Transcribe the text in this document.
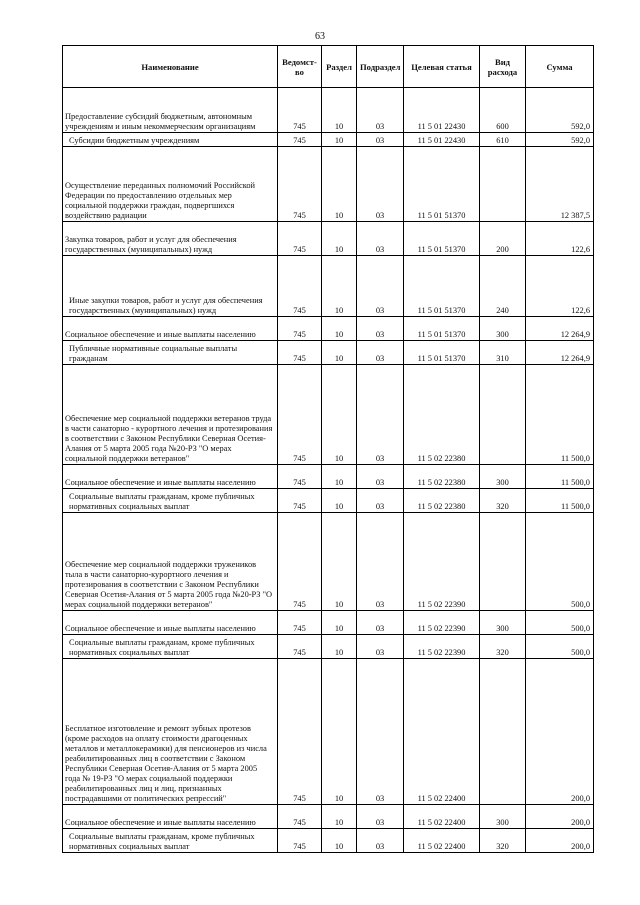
63
Наименование	Ведомст-во	Раздел	Подраздел	Целевая статья	Вид расхода	Сумма
Предоставление субсидий бюджетным, автономным учреждениям и иным некоммерческим организациям	745	10	03	11 5 01 22430	600	592,0
Субсидии бюджетным учреждениям	745	10	03	11 5 01 22430	610	592,0
Осуществление переданных полномочий Российской Федерации по предоставлению отдельных мер социальной поддержки граждан, подвергшихся воздействию радиации	745	10	03	11 5 01 51370		12 387,5
Закупка товаров, работ и услуг для обеспечения государственных (муниципальных) нужд	745	10	03	11 5 01 51370	200	122,6
Иные закупки товаров, работ и услуг для обеспечения государственных (муниципальных) нужд	745	10	03	11 5 01 51370	240	122,6
Социальное обеспечение и иные выплаты населению	745	10	03	11 5 01 51370	300	12 264,9
Публичные нормативные социальные выплаты гражданам	745	10	03	11 5 01 51370	310	12 264,9
Обеспечение мер социальной поддержки ветеранов труда в части санаторно - курортного лечения и протезирования в соответствии с Законом Республики Северная Осетия-Алания от 5 марта 2005 года №20-РЗ "О мерах социальной поддержки ветеранов"	745	10	03	11 5 02 22380		11 500,0
Социальное обеспечение и иные выплаты населению	745	10	03	11 5 02 22380	300	11 500,0
Социальные выплаты гражданам, кроме публичных нормативных социальных выплат	745	10	03	11 5 02 22380	320	11 500,0
Обеспечение мер социальной поддержки тружеников тыла в части санаторно-курортного лечения и протезирования в соответствии с Законом Республики Северная Осетия-Алания от 5 марта 2005 года №20-РЗ "О мерах социальной поддержки ветеранов"	745	10	03	11 5 02 22390		500,0
Социальное обеспечение и иные выплаты населению	745	10	03	11 5 02 22390	300	500,0
Социальные выплаты гражданам, кроме публичных нормативных социальных выплат	745	10	03	11 5 02 22390	320	500,0
Бесплатное изготовление и ремонт зубных протезов (кроме расходов на оплату стоимости драгоценных металлов и металлокерамики) для пенсионеров из числа реабилитированных лиц в соответствии с Законом Республики Северная Осетия-Алания от 5 марта 2005 года № 19-РЗ "О мерах социальной поддержки реабилитированных лиц и лиц, признанных пострадавшими от политических репрессий"	745	10	03	11 5 02 22400		200,0
Социальное обеспечение и иные выплаты населению	745	10	03	11 5 02 22400	300	200,0
Социальные выплаты гражданам, кроме публичных нормативных социальных выплат	745	10	03	11 5 02 22400	320	200,0
